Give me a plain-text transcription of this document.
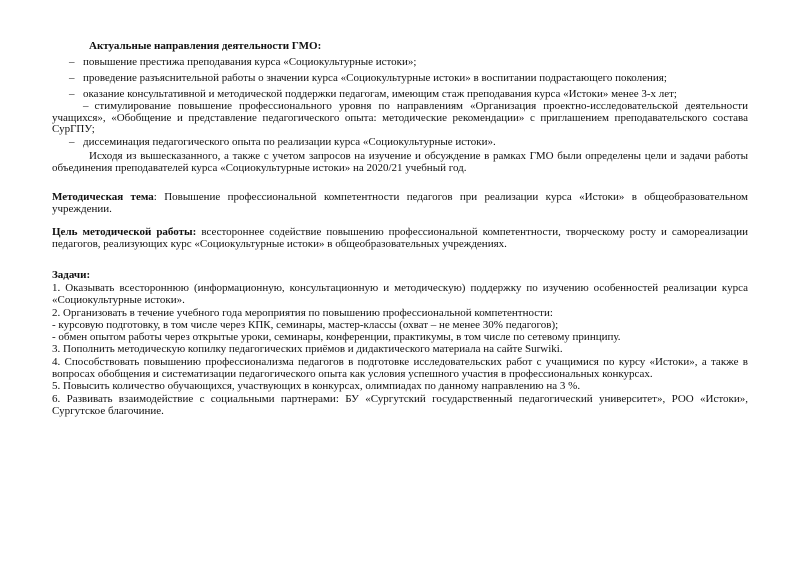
Актуальные направления деятельности ГМО:
– повышение престижа преподавания курса «Социокультурные истоки»;
– проведение разъяснительной работы о значении курса «Социокультурные истоки» в воспитании подрастающего поколения;
– оказание консультативной и методической поддержки педагогам, имеющим стаж преподавания курса «Истоки» менее 3-х лет;
– стимулирование повышение профессионального уровня по направлениям «Организация проектно-исследовательской деятельности учащихся», «Обобщение и представление педагогического опыта: методические рекомендации» с приглашением преподавательского состава СурГПУ;
– диссеминация педагогического опыта по реализации курса «Социокультурные истоки».
Исходя из вышесказанного, а также с учетом запросов на изучение и обсуждение в рамках ГМО были определены цели и задачи работы объединения преподавателей курса «Социокультурные истоки» на 2020/21 учебный год.
Методическая тема: Повышение профессиональной компетентности педагогов при реализации курса «Истоки» в общеобразовательном учреждении.
Цель методической работы: всестороннее содействие повышению профессиональной компетентности, творческому росту и самореализации педагогов, реализующих курс «Социокультурные истоки» в общеобразовательных учреждениях.
Задачи:
1. Оказывать всестороннюю (информационную, консультационную и методическую) поддержку по изучению особенностей реализации курса «Социокультурные истоки».
2. Организовать в течение учебного года мероприятия по повышению профессиональной компетентности:
- курсовую подготовку, в том числе через КПК, семинары, мастер-классы (охват – не менее 30% педагогов);
- обмен опытом работы через открытые уроки, семинары, конференции, практикумы, в том числе по сетевому принципу.
3. Пополнить методическую копилку педагогических приёмов и дидактического материала на сайте Surwiki.
4. Способствовать повышению профессионализма педагогов в подготовке исследовательских работ с учащимися по курсу «Истоки», а также в вопросах обобщения и систематизации педагогического опыта как условия успешного участия в профессиональных конкурсах.
5. Повысить количество обучающихся, участвующих в конкурсах, олимпиадах по данному направлению на 3 %.
6. Развивать взаимодействие с социальными партнерами: БУ «Сургутский государственный педагогический университет», РОО «Истоки», Сургутское благочиние.
